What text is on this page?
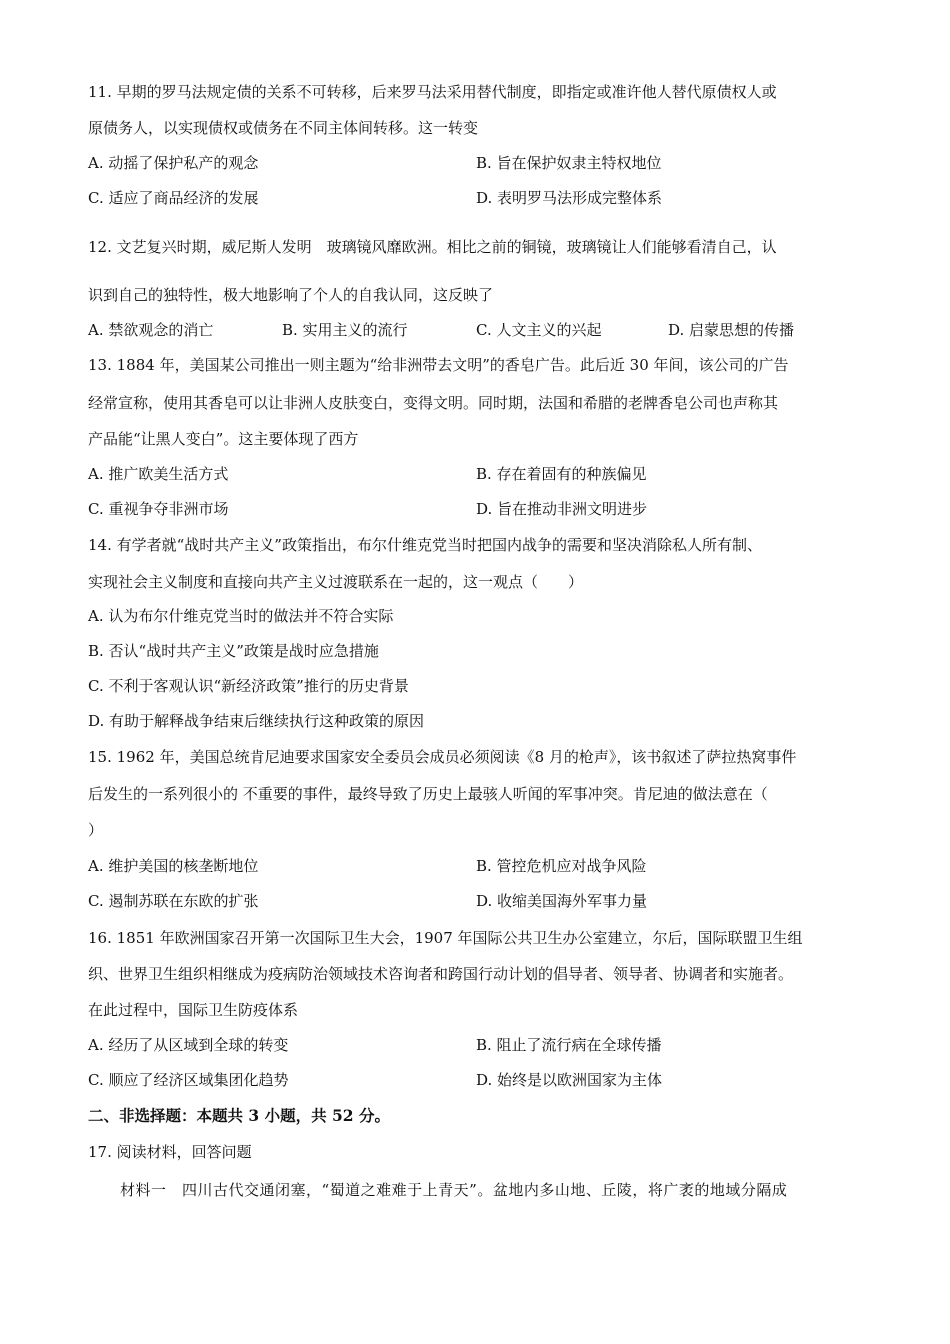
11. 早期的罗马法规定债的关系不可转移，后来罗马法采用替代制度，即指定或准许他人替代原债权人或
原债务人，以实现债权或债务在不同主体间转移。这一转变
A. 动摇了保护私产的观念	B. 旨在保护奴隶主特权地位
C. 适应了商品经济的发展	D. 表明罗马法形成完整体系
12. 文艺复兴时期，威尼斯人发明　玻璃镜风靡欧洲。相比之前的铜镜，玻璃镜让人们能够看清自己，认
识到自己的独特性，极大地影响了个人的自我认同，这反映了
A. 禁欲观念的消亡	B. 实用主义的流行	C. 人文主义的兴起	D. 启蒙思想的传播
13. 1884 年，美国某公司推出一则主题为“给非洲带去文明”的香皂广告。此后近 30 年间，该公司的广告
经常宣称，使用其香皂可以让非洲人皮肤变白，变得文明。同时期，法国和希腊的老牌香皂公司也声称其
产品能“让黑人变白”。这主要体现了西方
A. 推广欧美生活方式	B. 存在着固有的种族偏见
C. 重视争夺非洲市场	D. 旨在推动非洲文明进步
14. 有学者就“战时共产主义”政策指出，布尔什维克党当时把国内战争的需要和坚决消除私人所有制、
实现社会主义制度和直接向共产主义过渡联系在一起的，这一观点（　　）
A. 认为布尔什维克党当时的做法并不符合实际
B. 否认“战时共产主义”政策是战时应急措施
C. 不利于客观认识“新经济政策”推行的历史背景
D. 有助于解释战争结束后继续执行这种政策的原因
15. 1962 年，美国总统肯尼迪要求国家安全委员会成员必须阅读《8 月的枪声》，该书叙述了萨拉热窝事件
后发生的一系列很小的 不重要的事件，最终导致了历史上最骇人听闻的军事冲突。肯尼迪的做法意在（
）
A. 维护美国的核垄断地位	B. 管控危机应对战争风险
C. 遏制苏联在东欧的扩张	D. 收缩美国海外军事力量
16. 1851 年欧洲国家召开第一次国际卫生大会，1907 年国际公共卫生办公室建立，尔后，国际联盟卫生组
织、世界卫生组织相继成为疫病防治领域技术咨询者和跨国行动计划的倡导者、领导者、协调者和实施者。
在此过程中，国际卫生防疫体系
A. 经历了从区域到全球的转变	B. 阻止了流行病在全球传播
C. 顺应了经济区域集团化趋势	D. 始终是以欧洲国家为主体
二、非选择题：本题共 3 小题，共 52 分。
17. 阅读材料，回答问题
材料一　四川古代交通闭塞，“蜀道之难难于上青天”。盆地内多山地、丘陵，将广袤的地域分隔成
